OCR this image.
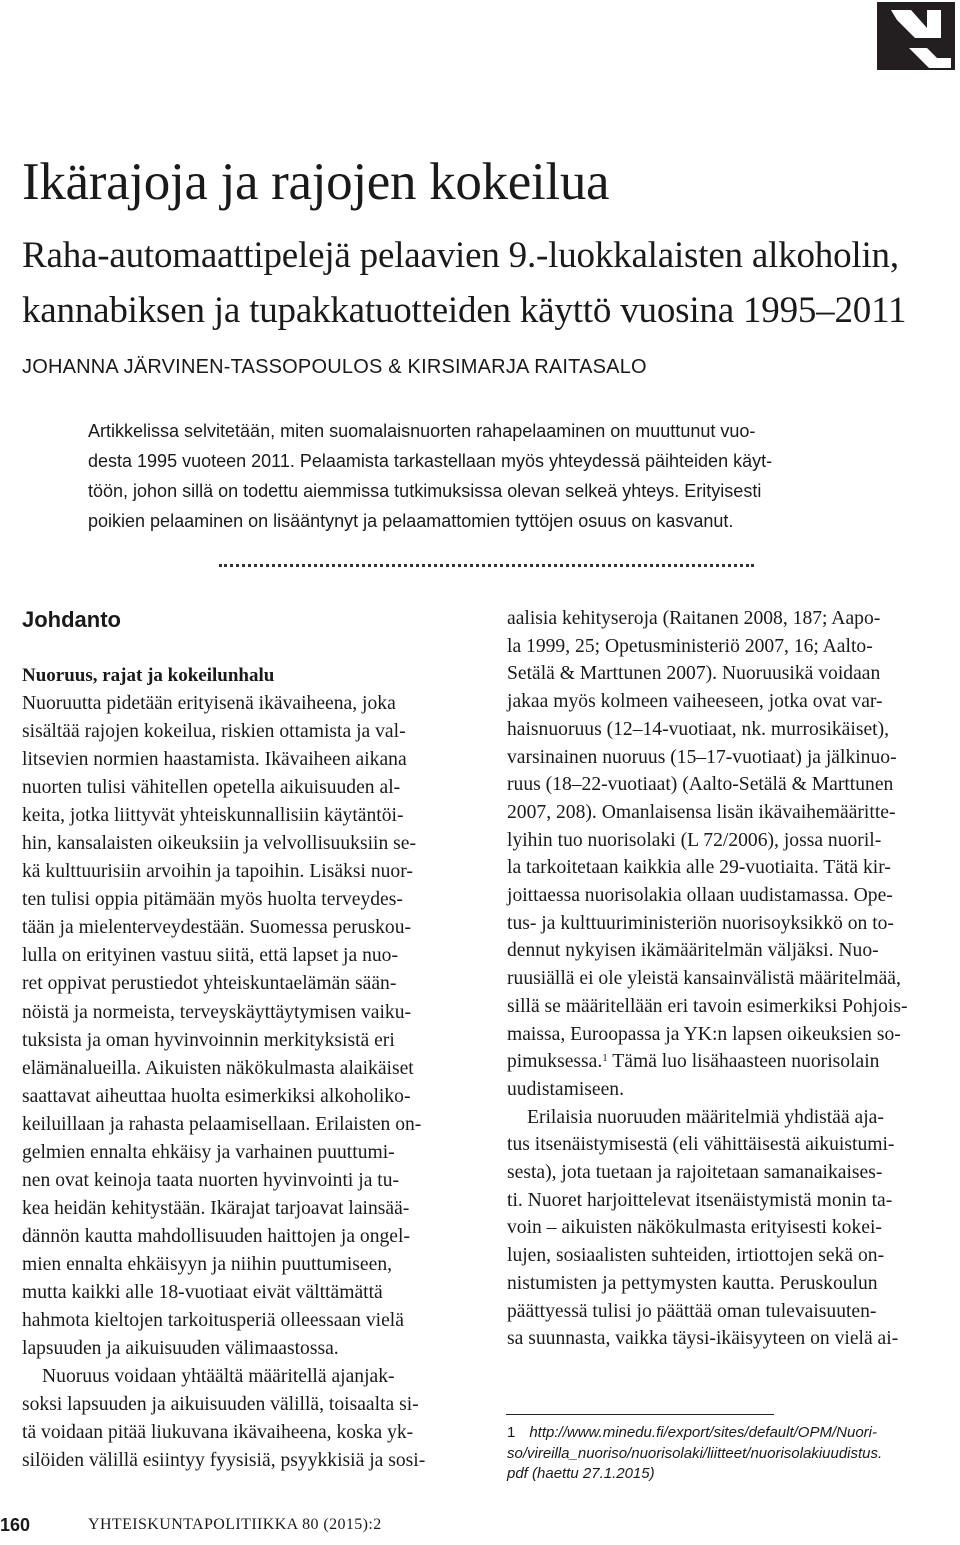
Ikärajoja ja rajojen kokeilua
Raha-automaattipelejä pelaavien 9.-luokkalaisten alkoholin,
kannabiksen ja tupakkatuotteiden käyttö vuosina 1995–2011
JOHANNA JÄRVINEN-TASSOPOULOS & KIRSIMARJA RAITASALO
Artikkelissa selvitetään, miten suomalaisnuorten rahapelaaminen on muuttunut vuo-
desta 1995 vuoteen 2011. Pelaamista tarkastellaan myös yhteydessä päihteiden käyt-
töön, johon sillä on todettu aiemmissa tutkimuksissa olevan selkeä yhteys. Erityisesti
poikien pelaaminen on lisääntynyt ja pelaamattomien tyttöjen osuus on kasvanut.
Johdanto
Nuoruus, rajat ja kokeilunhalu
Nuoruutta pidetään erityisenä ikävaiheena, joka
sisältää rajojen kokeilua, riskien ottamista ja val-
litsevien normien haastamista. Ikävaiheen aikana
nuorten tulisi vähitellen opetella aikuisuuden al-
keita, jotka liittyvät yhteiskunnallisiin käytäntöi-
hin, kansalaisten oikeuksiin ja velvollisuuksiin se-
kä kulttuurisiin arvoihin ja tapoihin. Lisäksi nuor-
ten tulisi oppia pitämään myös huolta terveydes-
tään ja mielenterveydestään. Suomessa peruskou-
lulla on erityinen vastuu siitä, että lapset ja nuo-
ret oppivat perustiedot yhteiskuntaelämän sään-
nöistä ja normeista, terveyskäyttäytymisen vaiku-
tuksista ja oman hyvinvoinnin merkityksistä eri
elämänalueilla. Aikuisten näkökulmasta alaikäiset
saattavat aiheuttaa huolta esimerkiksi alkoholiko-
keiluillaan ja rahasta pelaamisellaan. Erilaisten on-
gelmien ennalta ehkäisy ja varhainen puuttumi-
nen ovat keinoja taata nuorten hyvinvointi ja tu-
kea heidän kehitystään. Ikärajat tarjoavat lainsää-
dännön kautta mahdollisuuden haittojen ja ongel-
mien ennalta ehkäisyyn ja niihin puuttumiseen,
mutta kaikki alle 18-vuotiaat eivät välttämättä
hahmota kieltojen tarkoitusperiä olleessaan vielä
lapsuuden ja aikuisuuden välimaastossa.
Nuoruus voidaan yhtäältä määritellä ajanjak-
soksi lapsuuden ja aikuisuuden välillä, toisaalta si-
tä voidaan pitää liukuvana ikävaiheena, koska yk-
silöiden välillä esiintyy fyysisiä, psyykkisiä ja sosi-
aalisia kehityseroja (Raitanen 2008, 187; Aapo-
la 1999, 25; Opetusministeriö 2007, 16; Aalto-
Setälä & Marttunen 2007). Nuoruusikä voidaan
jakaa myös kolmeen vaiheeseen, jotka ovat var-
haisnuoruus (12–14-vuotiaat, nk. murrosikäiset),
varsinainen nuoruus (15–17-vuotiaat) ja jälkinuo-
ruus (18–22-vuotiaat) (Aalto-Setälä & Marttunen
2007, 208). Omanlaisensa lisän ikävaihemääritte-
lyihin tuo nuorisolaki (L 72/2006), jossa nuoril-
la tarkoitetaan kaikkia alle 29-vuotiaita. Tätä kir-
joittaessa nuorisolakia ollaan uudistamassa. Ope-
tus- ja kulttuuriministeriön nuorisoyksikkö on to-
dennut nykyisen ikämääritelmän väljäksi. Nuo-
ruusiällä ei ole yleistä kansainvälistä määritelmää,
sillä se määritellään eri tavoin esimerkiksi Pohjois-
maissa, Euroopassa ja YK:n lapsen oikeuksien so-
pimuksessa.$^1$ Tämä luo lisähaasteen nuorisolain
uudistamiseen.
Erilaisia nuoruuden määritelmiä yhdistää aja-
tus itsenäistymisestä (eli vähittäisestä aikuistumi-
sesta), jota tuetaan ja rajoitetaan samanaikaises-
ti. Nuoret harjoittelevat itsenäistymistä monin ta-
voin – aikuisten näkökulmasta erityisesti kokei-
lujen, sosiaalisten suhteiden, irtiottojen sekä on-
nistumisten ja pettymysten kautta. Peruskoulun
päättyessä tulisi jo päättää oman tulevaisuuten-
sa suunnasta, vaikka täysi-ikäisyyteen on vielä ai-
1 http://www.minedu.fi/export/sites/default/OPM/Nuori-
so/vireilla_nuoriso/nuorisolaki/liitteet/nuorisolakiuudistus.
pdf (haettu 27.1.2015)
160	YHTEISKUNTAPOLITIIKKA 80 (2015):2
